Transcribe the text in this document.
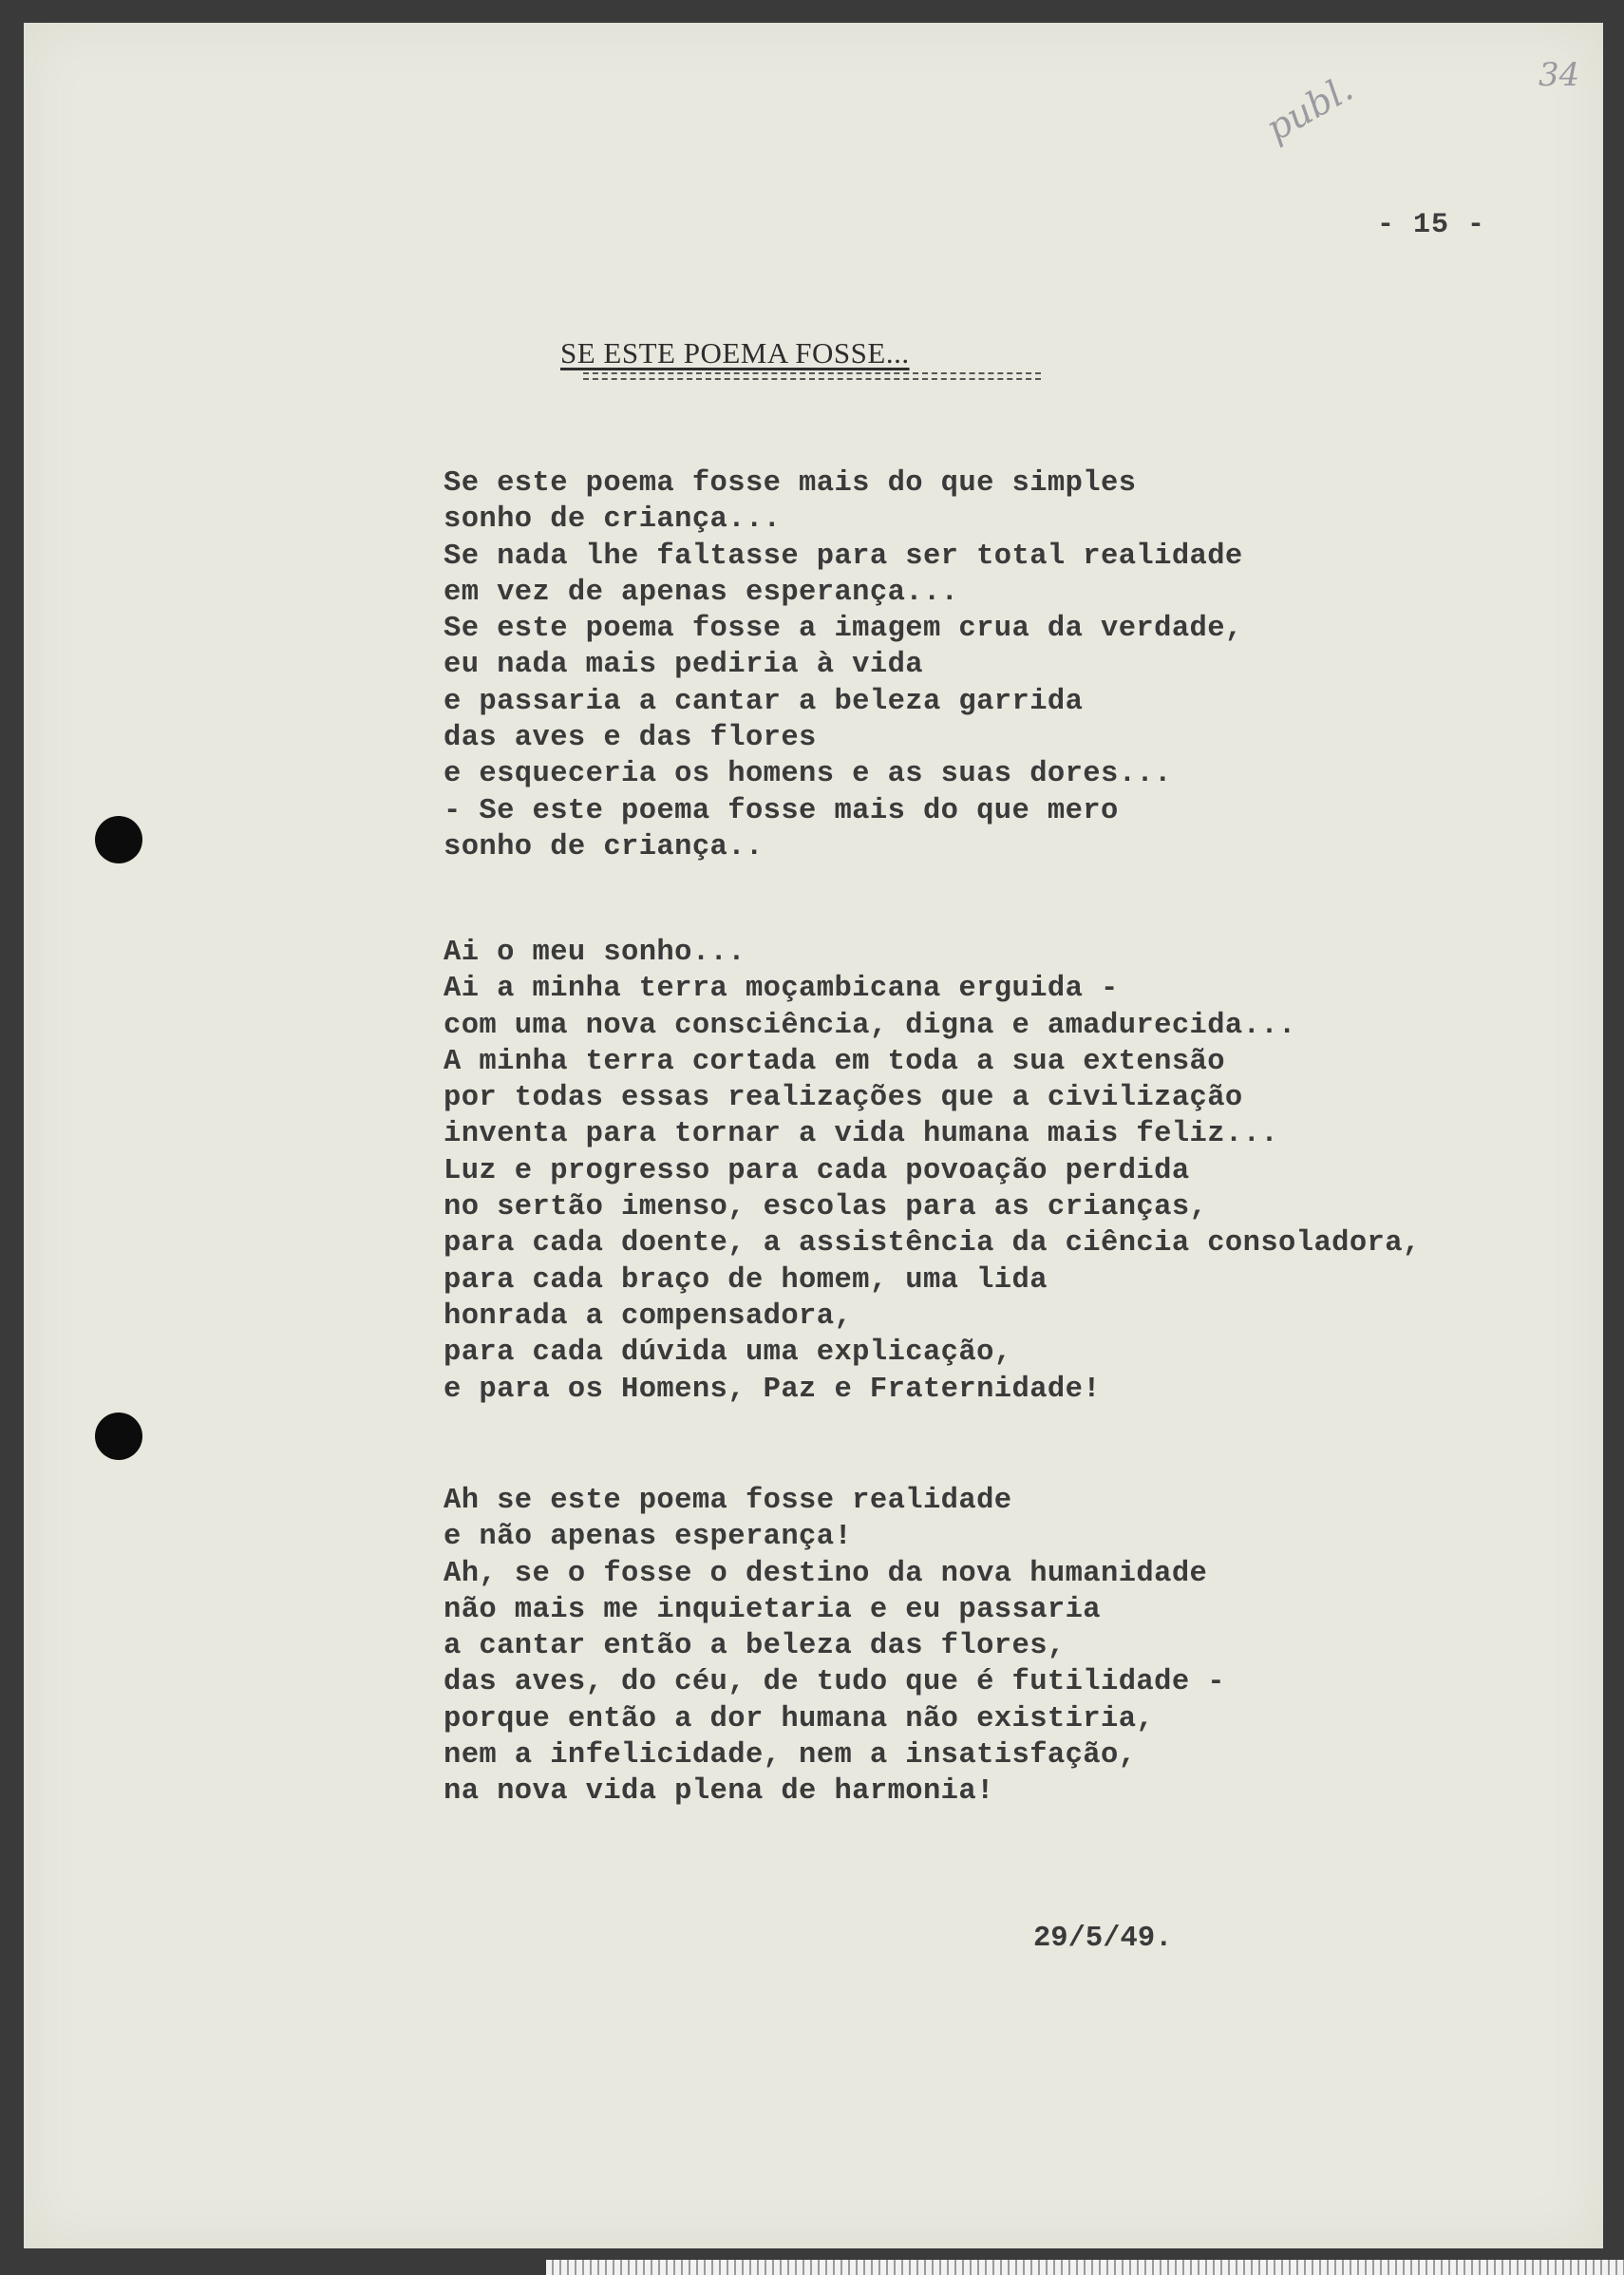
publ.	34
- 15 -
SE ESTE POEMA FOSSE...
Se este poema fosse mais do que simples
sonho de criança...
Se nada lhe faltasse para ser total realidade
em vez de apenas esperança...
Se este poema fosse a imagem crua da verdade,
eu nada mais pediria à vida
e passaria a cantar a beleza garrida
das aves e das flores
e esqueceria os homens e as suas dores...
- Se este poema fosse mais do que mero
sonho de criança..
Ai o meu sonho...
Ai a minha terra moçambicana erguida -
com uma nova consciência, digna e amadurecida...
A minha terra cortada em toda a sua extensão
por todas essas realizações que a civilização
inventa para tornar a vida humana mais feliz...
Luz e progresso para cada povoação perdida
no sertão imenso, escolas para as crianças,
para cada doente, a assistência da ciência consoladora,
para cada braço de homem, uma lida
honrada a compensadora,
para cada dúvida uma explicação,
e para os Homens, Paz e Fraternidade!
Ah se este poema fosse realidade
e não apenas esperança!
Ah, se o fosse o destino da nova humanidade
não mais me inquietaria e eu passaria
a cantar então a beleza das flores,
das aves, do céu, de tudo que é futilidade -
porque então a dor humana não existiria,
nem a infelicidade, nem a insatisfação,
na nova vida plena de harmonia!
29/5/49.
